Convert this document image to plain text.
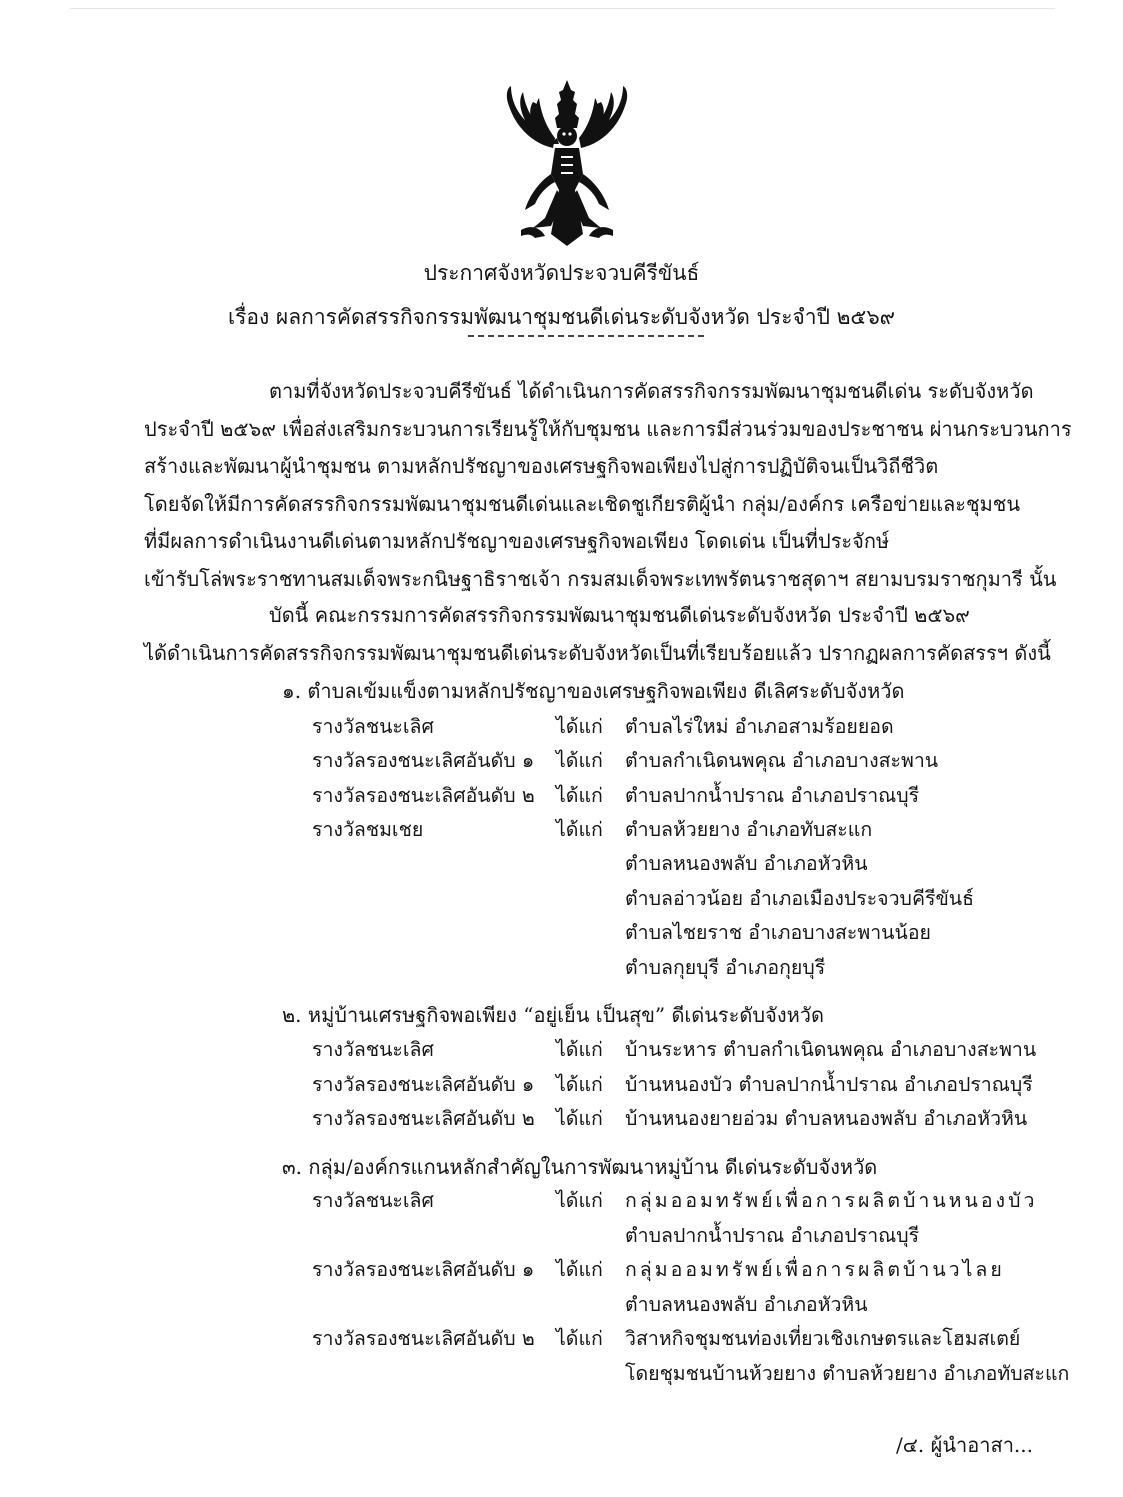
ประกาศจังหวัดประจวบคีรีขันธ์
เรื่อง ผลการคัดสรรกิจกรรมพัฒนาชุมชนดีเด่นระดับจังหวัด ประจำปี ๒๕๖๙
ตามที่จังหวัดประจวบคีรีขันธ์ ได้ดำเนินการคัดสรรกิจกรรมพัฒนาชุมชนดีเด่น ระดับจังหวัด
ประจำปี ๒๕๖๙ เพื่อส่งเสริมกระบวนการเรียนรู้ให้กับชุมชน และการมีส่วนร่วมของประชาชน ผ่านกระบวนการ
สร้างและพัฒนาผู้นำชุมชน ตามหลักปรัชญาของเศรษฐกิจพอเพียงไปสู่การปฏิบัติจนเป็นวิถีชีวิต
โดยจัดให้มีการคัดสรรกิจกรรมพัฒนาชุมชนดีเด่นและเชิดชูเกียรติผู้นำ กลุ่ม/องค์กร เครือข่ายและชุมชน
ที่มีผลการดำเนินงานดีเด่นตามหลักปรัชญาของเศรษฐกิจพอเพียง โดดเด่น เป็นที่ประจักษ์
เข้ารับโล่พระราชทานสมเด็จพระกนิษฐาธิราชเจ้า กรมสมเด็จพระเทพรัตนราชสุดาฯ สยามบรมราชกุมารี นั้น
บัดนี้ คณะกรรมการคัดสรรกิจกรรมพัฒนาชุมชนดีเด่นระดับจังหวัด ประจำปี ๒๕๖๙
ได้ดำเนินการคัดสรรกิจกรรมพัฒนาชุมชนดีเด่นระดับจังหวัดเป็นที่เรียบร้อยแล้ว ปรากฏผลการคัดสรรฯ ดังนี้
๑. ตำบลเข้มแข็งตามหลักปรัชญาของเศรษฐกิจพอเพียง ดีเลิศระดับจังหวัด
รางวัลชนะเลิศ	ได้แก่ ตำบลไร่ใหม่ อำเภอสามร้อยยอด
รางวัลรองชนะเลิศอันดับ ๑ ได้แก่ ตำบลกำเนิดนพคุณ อำเภอบางสะพาน
รางวัลรองชนะเลิศอันดับ ๒ ได้แก่ ตำบลปากน้ำปราณ อำเภอปราณบุรี
รางวัลชมเชย	ได้แก่ ตำบลห้วยยาง อำเภอทับสะแก
ตำบลหนองพลับ อำเภอหัวหิน
ตำบลอ่าวน้อย อำเภอเมืองประจวบคีรีขันธ์
ตำบลไชยราช อำเภอบางสะพานน้อย
ตำบลกุยบุรี อำเภอกุยบุรี
๒. หมู่บ้านเศรษฐกิจพอเพียง “อยู่เย็น เป็นสุข” ดีเด่นระดับจังหวัด
รางวัลชนะเลิศ	ได้แก่ บ้านระหาร ตำบลกำเนิดนพคุณ อำเภอบางสะพาน
รางวัลรองชนะเลิศอันดับ ๑ ได้แก่ บ้านหนองบัว ตำบลปากน้ำปราณ อำเภอปราณบุรี
รางวัลรองชนะเลิศอันดับ ๒ ได้แก่ บ้านหนองยายอ่วม ตำบลหนองพลับ อำเภอหัวหิน
๓. กลุ่ม/องค์กรแกนหลักสำคัญในการพัฒนาหมู่บ้าน ดีเด่นระดับจังหวัด
รางวัลชนะเลิศ	ได้แก่ กลุ่มออมทรัพย์เพื่อการผลิตบ้านหนองบัว
ตำบลปากน้ำปราณ อำเภอปราณบุรี
รางวัลรองชนะเลิศอันดับ ๑ ได้แก่ กลุ่มออมทรัพย์เพื่อการผลิตบ้านวไลย
ตำบลหนองพลับ อำเภอหัวหิน
รางวัลรองชนะเลิศอันดับ ๒ ได้แก่ วิสาหกิจชุมชนท่องเที่ยวเชิงเกษตรและโฮมสเตย์
โดยชุมชนบ้านห้วยยาง ตำบลห้วยยาง อำเภอทับสะแก
/๔. ผู้นำอาสา...
